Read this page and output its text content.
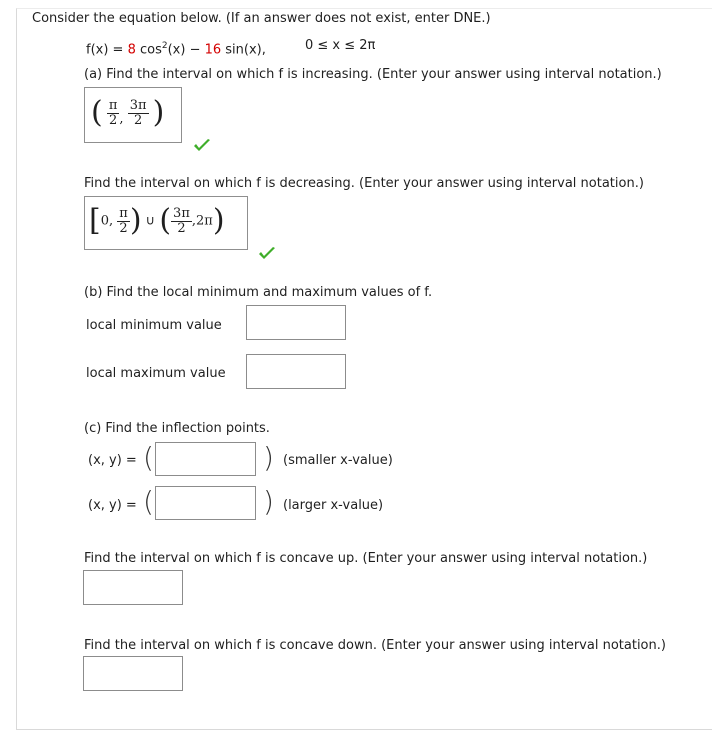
Consider the equation below. (If an answer does not exist, enter DNE.)
f(x) = 8 $\cos^2(x) - 16$ sin(x),	0 ≤ x ≤ 2π
(a) Find the interval on which f is increasing. (Enter your answer using interval notation.)
( $\frac{\pi}{2}$ , $\frac{3\pi}{2}$ )
Find the interval on which f is decreasing. (Enter your answer using interval notation.)
[0, $\frac{\pi}{2}$ ) ∪ ( $\frac{3\pi}{2} ,2\pi$)
(b) Find the local minimum and maximum values of f.
local minimum value
local maximum value
(c) Find the inflection points.
(x, y) = (	) (smaller x-value)
(x, y) = (	) (larger x-value)
Find the interval on which f is concave up. (Enter your answer using interval notation.)
Find the interval on which f is concave down. (Enter your answer using interval notation.)
